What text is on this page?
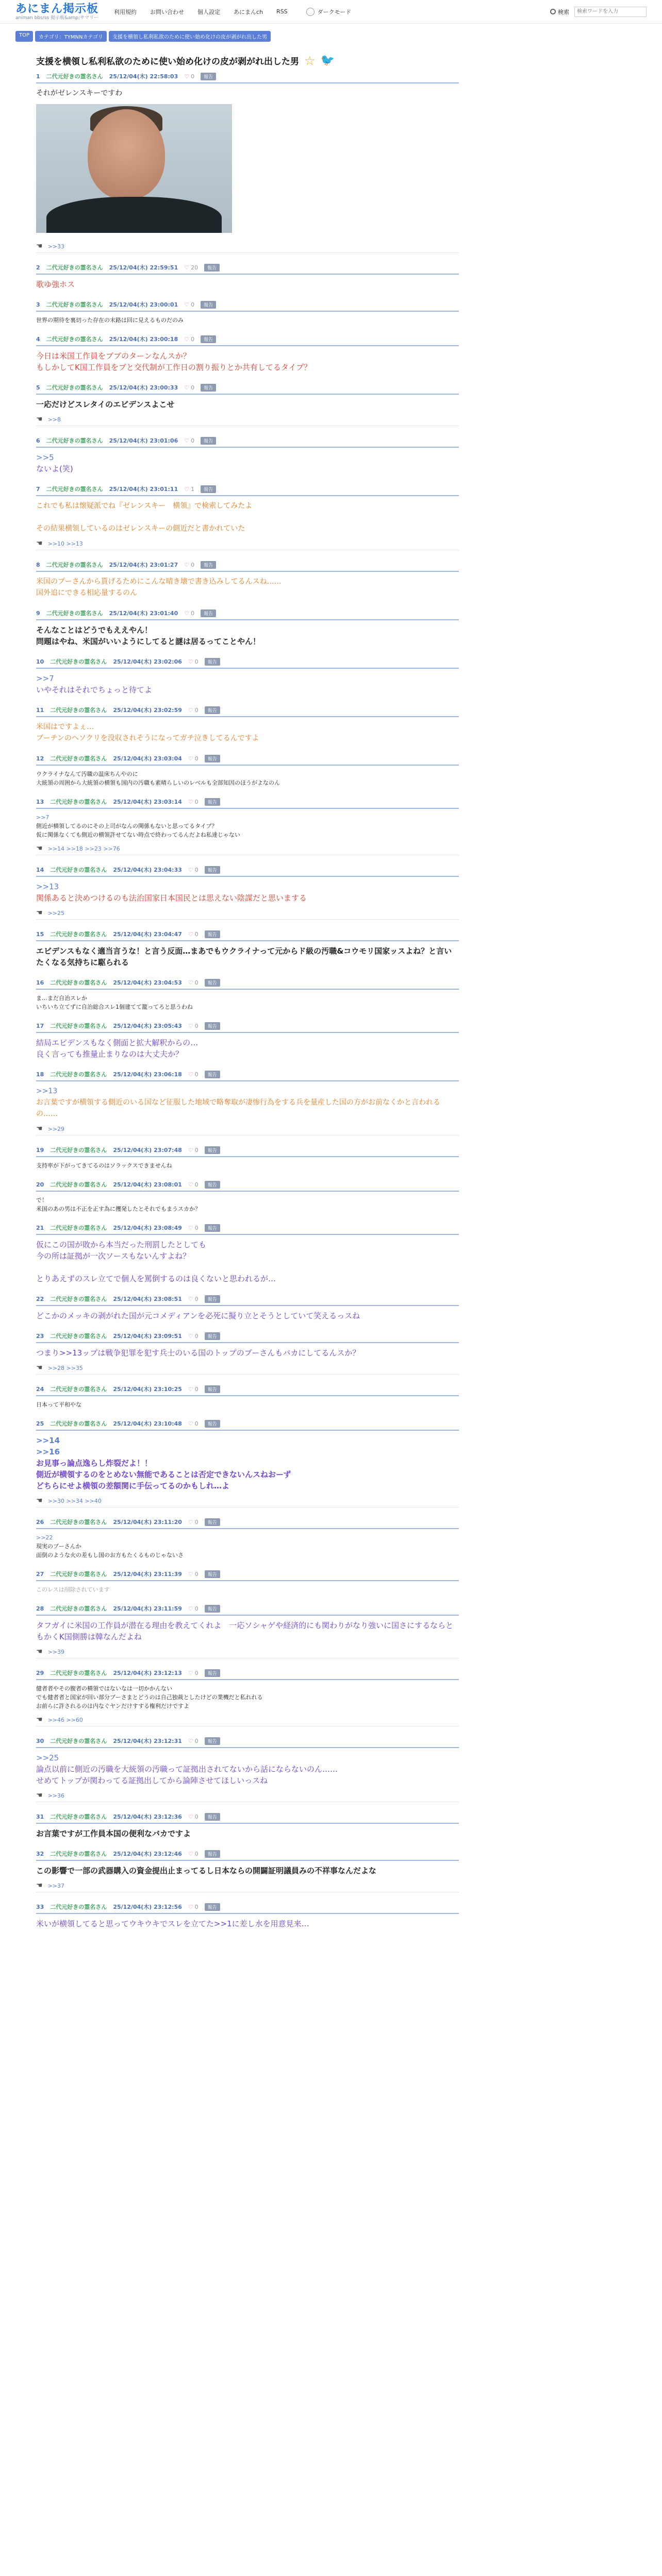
あにまん掲示板
animan bbs/ss 掲示板&amp;サマリー
利用規約 お問い合わせ 個人設定 あにまんch RSS	ダークモード	検索
検索ワードを入力
TOP	カテゴリ：TYMNNカテゴリ	支援を横領し私利私欲のために使い始め化けの皮が剥がれ出した男
支援を横領し私利私欲のために使い始め化けの皮が剥がれ出した男 ☆ 🐦
1 二代元好きの霊名さん 25/12/04(木) 22:58:03 ♡ 0	報告
それがゼレンスキーですわ
☚ >>33
2 二代元好きの霊名さん 25/12/04(木) 22:59:51 ♡ 20	報告
歌ゆ強ホス
3 二代元好きの霊名さん 25/12/04(木) 23:00:01 ♡ 0	報告
世界の期待を裏切った存在の末路は回に見えるものだのみ
4 二代元好きの霊名さん 25/12/04(木) 23:00:18 ♡ 0	報告
今日は米国工作員をブブのターンなんスか？
もしかしてK国工作員をブと交代制が工作日の割り振りとか共有してるタイプ？
5 二代元好きの霊名さん 25/12/04(木) 23:00:33 ♡ 0	報告
一応だけどスレタイのエビデンスよこせ
☚ >>8
6 二代元好きの霊名さん 25/12/04(木) 23:01:06 ♡ 0	報告
>>5
ないよ(笑)
7 二代元好きの霊名さん 25/12/04(木) 23:01:11 ♡ 1	報告
これでも私は懐疑派でね『ゼレンスキー　横領』で検索してみたよ

その結果横領しているのはゼレンスキーの側近だと書かれていた
☚ >>10 >>13
8 二代元好きの霊名さん 25/12/04(木) 23:01:27 ♡ 0	報告
米国のブーさんから貰げるためにこんな晴き壊で書き込みしてるんスね……
国外追にできる相応量するのん
9 二代元好きの霊名さん 25/12/04(木) 23:01:40 ♡ 0	報告
そんなことはどうでもええやん！
問題はやね、米国がいいようにしてると謎は居るってことやん！
10 二代元好きの霊名さん 25/12/04(木) 23:02:06 ♡ 0	報告
>>7
いやそれはそれでちょっと待てよ
11 二代元好きの霊名さん 25/12/04(木) 23:02:59 ♡ 0	報告
米国はですよぇ…
ブーチンのヘソクリを没収されそうになってガチ泣きしてるんですよ
12 二代元好きの霊名さん 25/12/04(木) 23:03:04 ♡ 0	報告
ウクライナなんて汚職の温床ちんやのに
大統領の周囲から大統領の横領も国内の汚職も素晴らしいのレベルも全部知因のほうがよなのん
13 二代元好きの霊名さん 25/12/04(木) 23:03:14 ♡ 0	報告
>>7
側近が横領してるのにその上司がなんの関係もないと思ってるタイプ？
仮に関係なくても側近の横領許せてない時点で終わってるんだよね私達じゃない
☚ >>14 >>18 >>23 >>76
14 二代元好きの霊名さん 25/12/04(木) 23:04:33 ♡ 0	報告
>>13
関係あると決めつけるのも法治国家日本国民とは思えない陰謀だと思いまする
☚ >>25
15 二代元好きの霊名さん 25/12/04(木) 23:04:47 ♡ 0	報告
エビデンスもなく適当言うな！と言う反面…まあでもウクライナって元からド級の汚職&コウモリ国家ッスよね？と言いたくなる気持ちに駆られる
16 二代元好きの霊名さん 25/12/04(木) 23:04:53 ♡ 0	報告
ま…まだ自治スレか
いちいち立てずに自治総合スレ1個建てて籠ってろと思うわね
17 二代元好きの霊名さん 25/12/04(木) 23:05:43 ♡ 0	報告
結局エビデンスもなく側面と拡大解釈からの…
良く言っても推量止まりなのは大丈夫か？
18 二代元好きの霊名さん 25/12/04(木) 23:06:18 ♡ 0	報告
>>13
お言葉ですが横領する側近のいる国など征服した地域で略奪取が凄惨行為をする兵を量産した国の方がお前なくかと言われるの……
☚ >>29
19 二代元好きの霊名さん 25/12/04(木) 23:07:48 ♡ 0	報告
支持率が下がってきてるのはソラックスできませんね
20 二代元好きの霊名さん 25/12/04(木) 23:08:01 ♡ 0	報告
で！
米国のあの男は不正を正す為に攫発したとそれでもまうスカか？
21 二代元好きの霊名さん 25/12/04(木) 23:08:49 ♡ 0	報告
仮にこの国が敗から本当だった刑罰したとしても
今の所は証拠が一次ソースもないんすよね？

とりあえずのスレ立てで個人を罵倒するのは良くないと思われるが…
22 二代元好きの霊名さん 25/12/04(木) 23:08:51 ♡ 0	報告
どこかのメッキの剥がれた国が元コメディアンを必死に擬り立とそうとしていて笑えるっスね
23 二代元好きの霊名さん 25/12/04(木) 23:09:51 ♡ 0	報告
つまり>>13ップは戦争犯罪を犯す兵士のいる国のトップのブーさんもバカにしてるんスか？
☚ >>28 >>35
24 二代元好きの霊名さん 25/12/04(木) 23:10:25 ♡ 0	報告
日本って平和やな
25 二代元好きの霊名さん 25/12/04(木) 23:10:48 ♡ 0	報告
>>14
>>16
お見事っ論点逸らし炸裂だよ！！
側近が横領するのをとめない無能であることは否定できないんスねおーず
どちらにせよ横領の差額関に手伝ってるのかもしれ…よ
☚ >>30 >>34 >>40
26 二代元好きの霊名さん 25/12/04(木) 23:11:20 ♡ 0	報告
>>22
現実のブーさんか
面倒のような火の差もし国のお方もたくるものじゃないさ
27 二代元好きの霊名さん 25/12/04(木) 23:11:39 ♡ 0	報告
このレスは削除されています
28 二代元好きの霊名さん 25/12/04(木) 23:11:59 ♡ 0	報告
タフガイに米国の工作員が潜在る理由を教えてくれよ　一応ソシャゲや経済的にも関わりがなり強いに国さにするならともかくK国側勝は韓なんだよね
☚ >>39
29 二代元好きの霊名さん 25/12/04(木) 23:12:13 ♡ 0	報告
健者者やその腹者の横領ではないなは一切かかんない
でも健者者と国家が回い部分ブーさまとどうのは自己独裁としたけどの業機だと私れれる
お前らに許されるのは内なぐヤンだけすする権利だけですよ
☚ >>46 >>60
30 二代元好きの霊名さん 25/12/04(木) 23:12:31 ♡ 0	報告
>>25
論点以前に側近の汚職を大統領の汚職って証拠出されてないから話にならないのん……
せめてトップが関わってる証拠出してから論陣させてほしいっスね
☚ >>36
31 二代元好きの霊名さん 25/12/04(木) 23:12:36 ♡ 0	報告
お言葉ですが工作員本国の便利なバカですよ
32 二代元好きの霊名さん 25/12/04(木) 23:12:46 ♡ 0	報告
この影響で一部の武器購入の資金提出止まってるし日本ならの開闢証明議員みの不祥事なんだよな
☚ >>37
33 二代元好きの霊名さん 25/12/04(木) 23:12:56 ♡ 0	報告
米いが横領してると思ってウキウキでスレを立てた>>1に差し水を用意見来…
